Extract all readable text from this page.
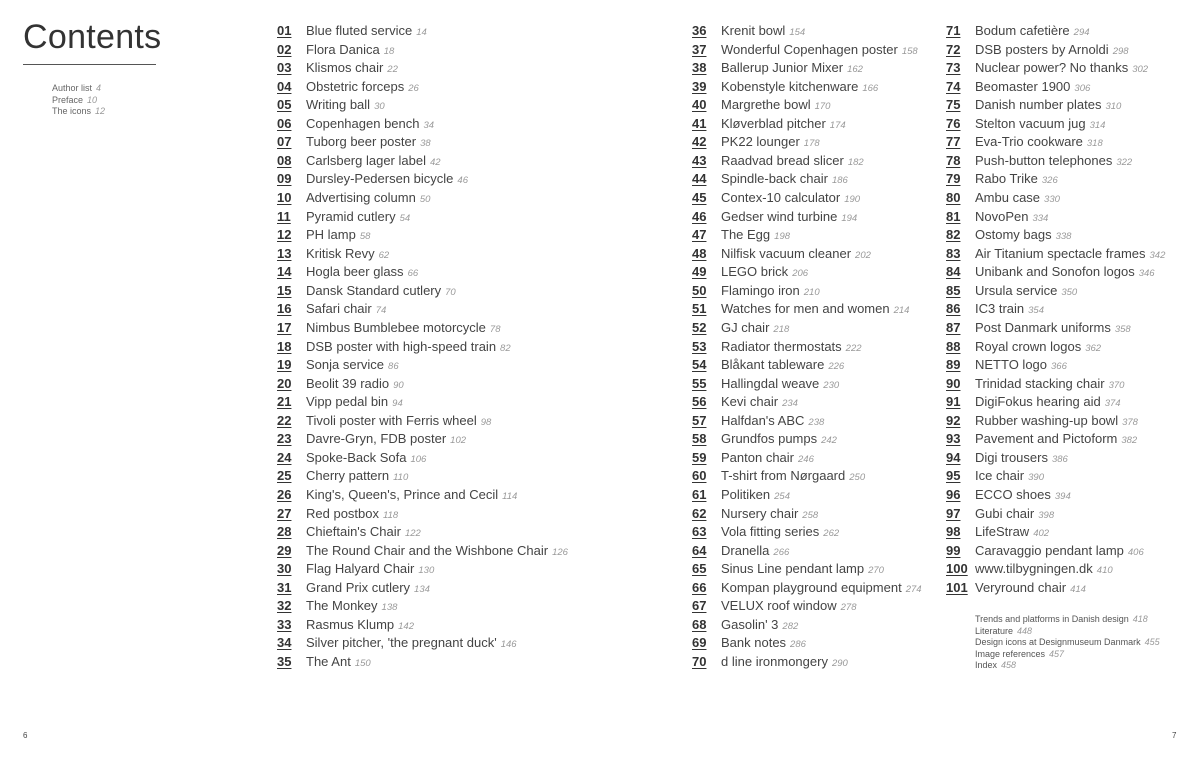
Contents
Author list 4
Preface 10
The icons 12
01 Blue fluted service 14
02 Flora Danica 18
03 Klismos chair 22
04 Obstetric forceps 26
05 Writing ball 30
06 Copenhagen bench 34
07 Tuborg beer poster 38
08 Carlsberg lager label 42
09 Dursley-Pedersen bicycle 46
10 Advertising column 50
11 Pyramid cutlery 54
12 PH lamp 58
13 Kritisk Revy 62
14 Hogla beer glass 66
15 Dansk Standard cutlery 70
16 Safari chair 74
17 Nimbus Bumblebee motorcycle 78
18 DSB poster with high-speed train 82
19 Sonja service 86
20 Beolit 39 radio 90
21 Vipp pedal bin 94
22 Tivoli poster with Ferris wheel 98
23 Davre-Gryn, FDB poster 102
24 Spoke-Back Sofa 106
25 Cherry pattern 110
26 King's, Queen's, Prince and Cecil 114
27 Red postbox 118
28 Chieftain's Chair 122
29 The Round Chair and the Wishbone Chair 126
30 Flag Halyard Chair 130
31 Grand Prix cutlery 134
32 The Monkey 138
33 Rasmus Klump 142
34 Silver pitcher, 'the pregnant duck' 146
35 The Ant 150
36 Krenit bowl 154
37 Wonderful Copenhagen poster 158
38 Ballerup Junior Mixer 162
39 Kobenstyle kitchenware 166
40 Margrethe bowl 170
41 Kløverblad pitcher 174
42 PK22 lounger 178
43 Raadvad bread slicer 182
44 Spindle-back chair 186
45 Contex-10 calculator 190
46 Gedser wind turbine 194
47 The Egg 198
48 Nilfisk vacuum cleaner 202
49 LEGO brick 206
50 Flamingo iron 210
51 Watches for men and women 214
52 GJ chair 218
53 Radiator thermostats 222
54 Blåkant tableware 226
55 Hallingdal weave 230
56 Kevi chair 234
57 Halfdan's ABC 238
58 Grundfos pumps 242
59 Panton chair 246
60 T-shirt from Nørgaard 250
61 Politiken 254
62 Nursery chair 258
63 Vola fitting series 262
64 Dranella 266
65 Sinus Line pendant lamp 270
66 Kompan playground equipment 274
67 VELUX roof window 278
68 Gasolin' 3 282
69 Bank notes 286
70 d line ironmongery 290
71 Bodum cafetière 294
72 DSB posters by Arnoldi 298
73 Nuclear power? No thanks 302
74 Beomaster 1900 306
75 Danish number plates 310
76 Stelton vacuum jug 314
77 Eva-Trio cookware 318
78 Push-button telephones 322
79 Rabo Trike 326
80 Ambu case 330
81 NovoPen 334
82 Ostomy bags 338
83 Air Titanium spectacle frames 342
84 Unibank and Sonofon logos 346
85 Ursula service 350
86 IC3 train 354
87 Post Danmark uniforms 358
88 Royal crown logos 362
89 NETTO logo 366
90 Trinidad stacking chair 370
91 DigiFokus hearing aid 374
92 Rubber washing-up bowl 378
93 Pavement and Pictoform 382
94 Digi trousers 386
95 Ice chair 390
96 ECCO shoes 394
97 Gubi chair 398
98 LifeStraw 402
99 Caravaggio pendant lamp 406
100 www.tilbygningen.dk 410
101 Veryround chair 414
Trends and platforms in Danish design 418
Literature 448
Design icons at Designmuseum Danmark 455
Image references 457
Index 458
6	7
